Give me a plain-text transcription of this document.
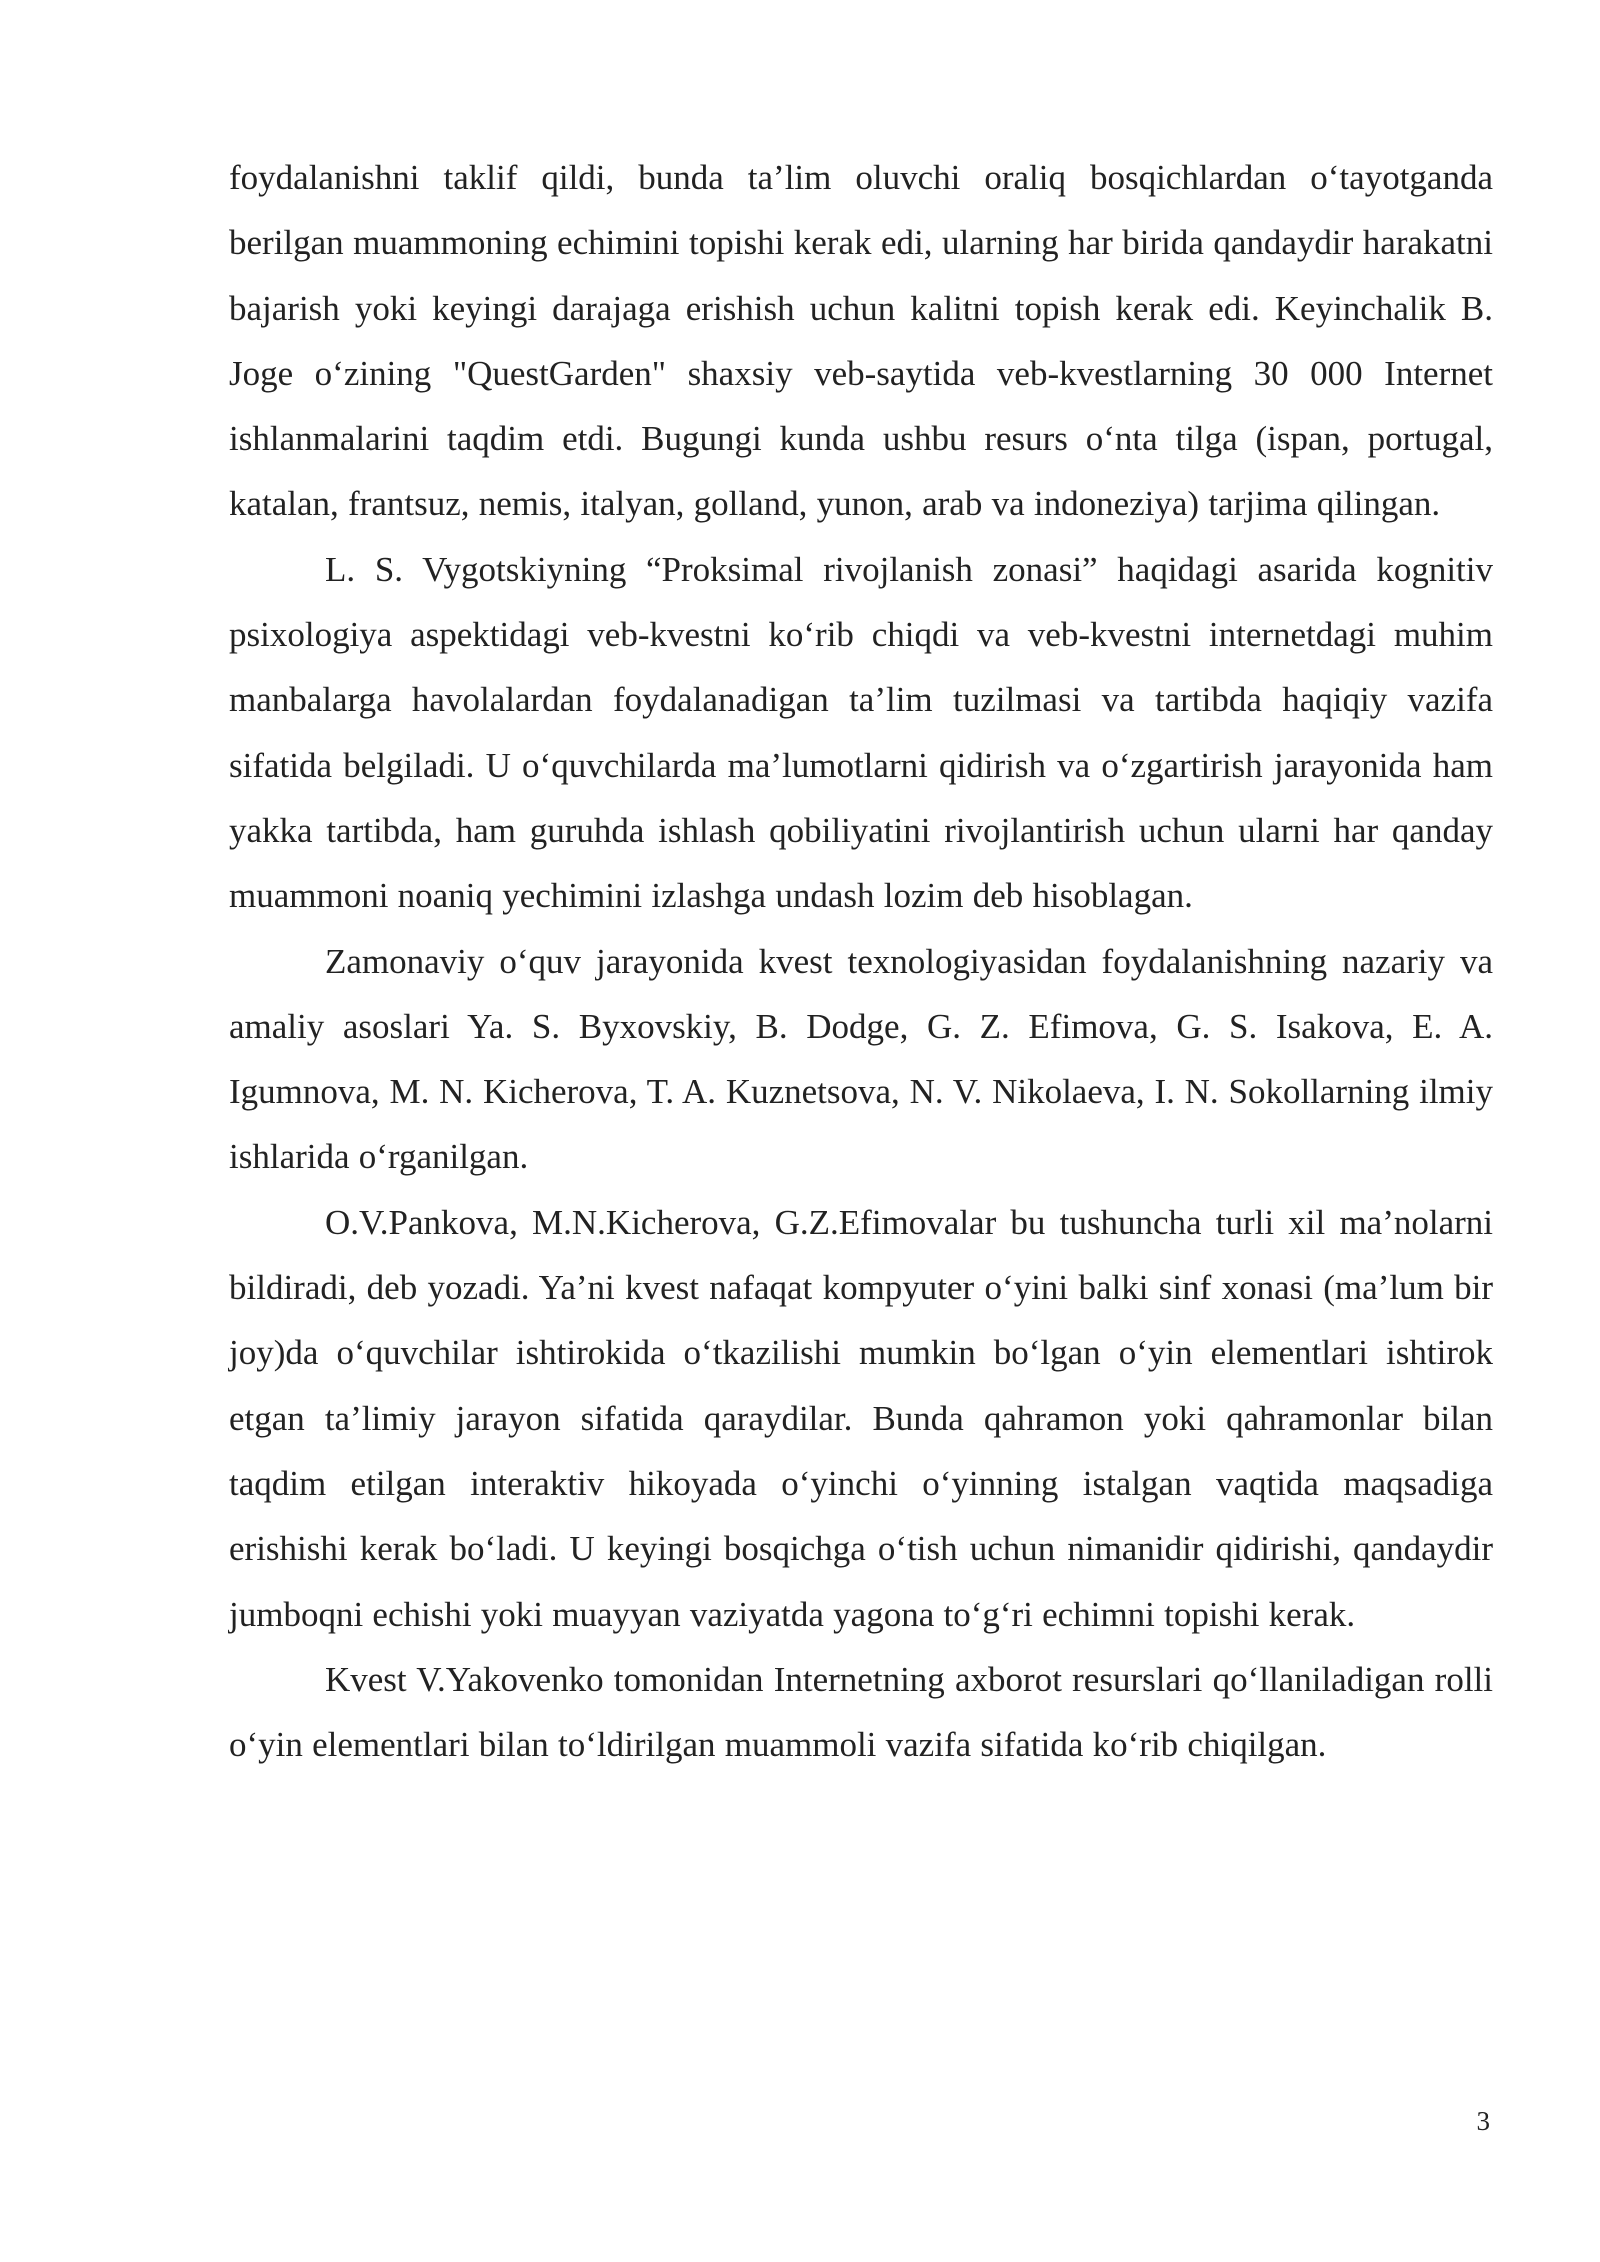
foydalanishni taklif qildi, bunda ta’lim oluvchi oraliq bosqichlardan o‘tayotganda berilgan muammoning echimini topishi kerak edi, ularning har birida qandaydir harakatni bajarish yoki keyingi darajaga erishish uchun kalitni topish kerak edi. Keyinchalik B. Joge o‘zining "QuestGarden" shaxsiy veb-saytida veb-kvestlarning 30 000 Internet ishlanmalarini taqdim etdi. Bugungi kunda ushbu resurs o‘nta tilga (ispan, portugal, katalan, frantsuz, nemis, italyan, golland, yunon, arab va indoneziya) tarjima qilingan.

L. S. Vygotskiyning “Proksimal rivojlanish zonasi” haqidagi asarida kognitiv psixologiya aspektidagi veb-kvestni ko‘rib chiqdi va veb-kvestni internetdagi muhim manbalarga havolalardan foydalanadigan ta’lim tuzilmasi va tartibda haqiqiy vazifa sifatida belgiladi. U o‘quvchilarda ma’lumotlarni qidirish va o‘zgartirish jarayonida ham yakka tartibda, ham guruhda ishlash qobiliyatini rivojlantirish uchun ularni har qanday muammoni noaniq yechimini izlashga undash lozim deb hisoblagan.

Zamonaviy o‘quv jarayonida kvest texnologiyasidan foydalanishning nazariy va amaliy asoslari Ya. S. Byxovskiy, B. Dodge, G. Z. Efimova, G. S. Isakova, E. A. Igumnova, M. N. Kicherova, T. A. Kuznetsova, N. V. Nikolaeva, I. N. Sokollarning ilmiy ishlarida o‘rganilgan.

O.V.Pankova, M.N.Kicherova, G.Z.Efimovalar bu tushuncha turli xil ma’nolarni bildiradi, deb yozadi. Ya’ni kvest nafaqat kompyuter o‘yini balki sinf xonasi (ma’lum bir joy)da o‘quvchilar ishtirokida o‘tkazilishi mumkin bo‘lgan o‘yin elementlari ishtirok etgan ta’limiy jarayon sifatida qaraydilar. Bunda qahramon yoki qahramonlar bilan taqdim etilgan interaktiv hikoyada o‘yinchi o‘yinning istalgan vaqtida maqsadiga erishishi kerak bo‘ladi. U keyingi bosqichga o‘tish uchun nimanidir qidirishi, qandaydir jumboqni echishi yoki muayyan vaziyatda yagona to‘g‘ri echimni topishi kerak.

Kvest V.Yakovenko tomonidan Internetning axborot resurslari qo‘llaniladigan rolli o‘yin elementlari bilan to‘ldirilgan muammoli vazifa sifatida ko‘rib chiqilgan.

3
